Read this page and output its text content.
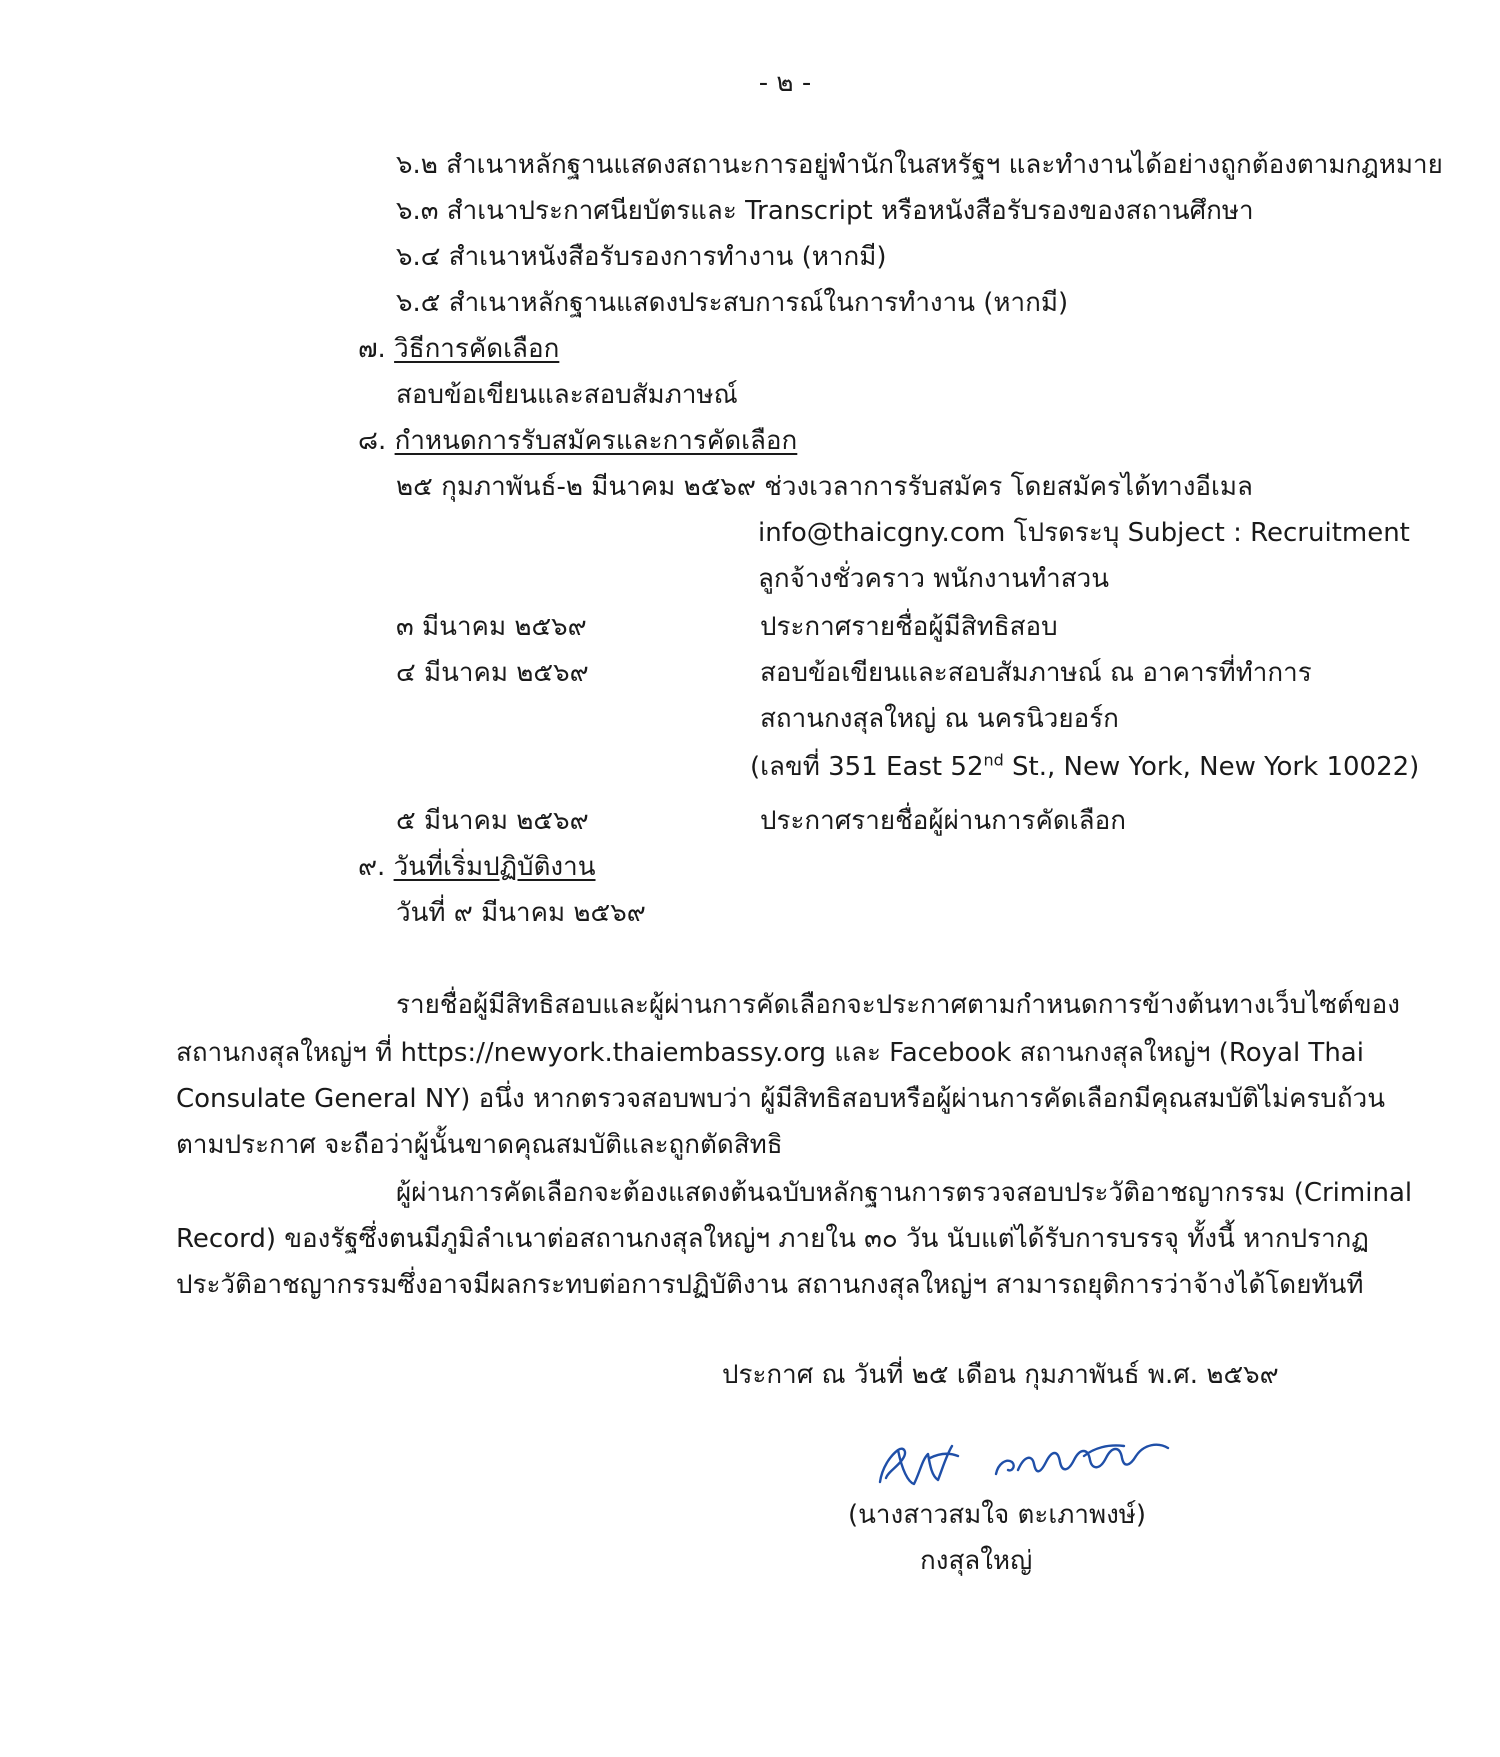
- ๒ -
๖.๒ สำเนาหลักฐานแสดงสถานะการอยู่พำนักในสหรัฐฯ และทำงานได้อย่างถูกต้องตามกฎหมาย
๖.๓ สำเนาประกาศนียบัตรและ Transcript หรือหนังสือรับรองของสถานศึกษา
๖.๔ สำเนาหนังสือรับรองการทำงาน (หากมี)
๖.๕ สำเนาหลักฐานแสดงประสบการณ์ในการทำงาน (หากมี)
๗. วิธีการคัดเลือก
สอบข้อเขียนและสอบสัมภาษณ์
๘. กำหนดการรับสมัครและการคัดเลือก
๒๕ กุมภาพันธ์-๒ มีนาคม ๒๕๖๙ ช่วงเวลาการรับสมัคร โดยสมัครได้ทางอีเมล
info@thaicgny.com โปรดระบุ Subject : Recruitment
ลูกจ้างชั่วคราว พนักงานทำสวน
๓ มีนาคม ๒๕๖๙	ประกาศรายชื่อผู้มีสิทธิสอบ
๔ มีนาคม ๒๕๖๙	สอบข้อเขียนและสอบสัมภาษณ์ ณ อาคารที่ทำการ
สถานกงสุลใหญ่ ณ นครนิวยอร์ก
(เลขที่ 351 East 52nd St., New York, New York 10022)
๕ มีนาคม ๒๕๖๙	ประกาศรายชื่อผู้ผ่านการคัดเลือก
๙. วันที่เริ่มปฏิบัติงาน
วันที่ ๙ มีนาคม ๒๕๖๙
รายชื่อผู้มีสิทธิสอบและผู้ผ่านการคัดเลือกจะประกาศตามกำหนดการข้างต้นทางเว็บไซต์ของ
สถานกงสุลใหญ่ฯ ที่ https://newyork.thaiembassy.org และ Facebook สถานกงสุลใหญ่ฯ (Royal Thai
Consulate General NY) อนึ่ง หากตรวจสอบพบว่า ผู้มีสิทธิสอบหรือผู้ผ่านการคัดเลือกมีคุณสมบัติไม่ครบถ้วน
ตามประกาศ จะถือว่าผู้นั้นขาดคุณสมบัติและถูกตัดสิทธิ
ผู้ผ่านการคัดเลือกจะต้องแสดงต้นฉบับหลักฐานการตรวจสอบประวัติอาชญากรรม (Criminal
Record) ของรัฐซึ่งตนมีภูมิลำเนาต่อสถานกงสุลใหญ่ฯ ภายใน ๓๐ วัน นับแต่ได้รับการบรรจุ ทั้งนี้ หากปรากฏ
ประวัติอาชญากรรมซึ่งอาจมีผลกระทบต่อการปฏิบัติงาน สถานกงสุลใหญ่ฯ สามารถยุติการว่าจ้างได้โดยทันที
ประกาศ ณ วันที่ ๒๕ เดือน กุมภาพันธ์ พ.ศ. ๒๕๖๙
(นางสาวสมใจ ตะเภาพงษ์)
กงสุลใหญ่
